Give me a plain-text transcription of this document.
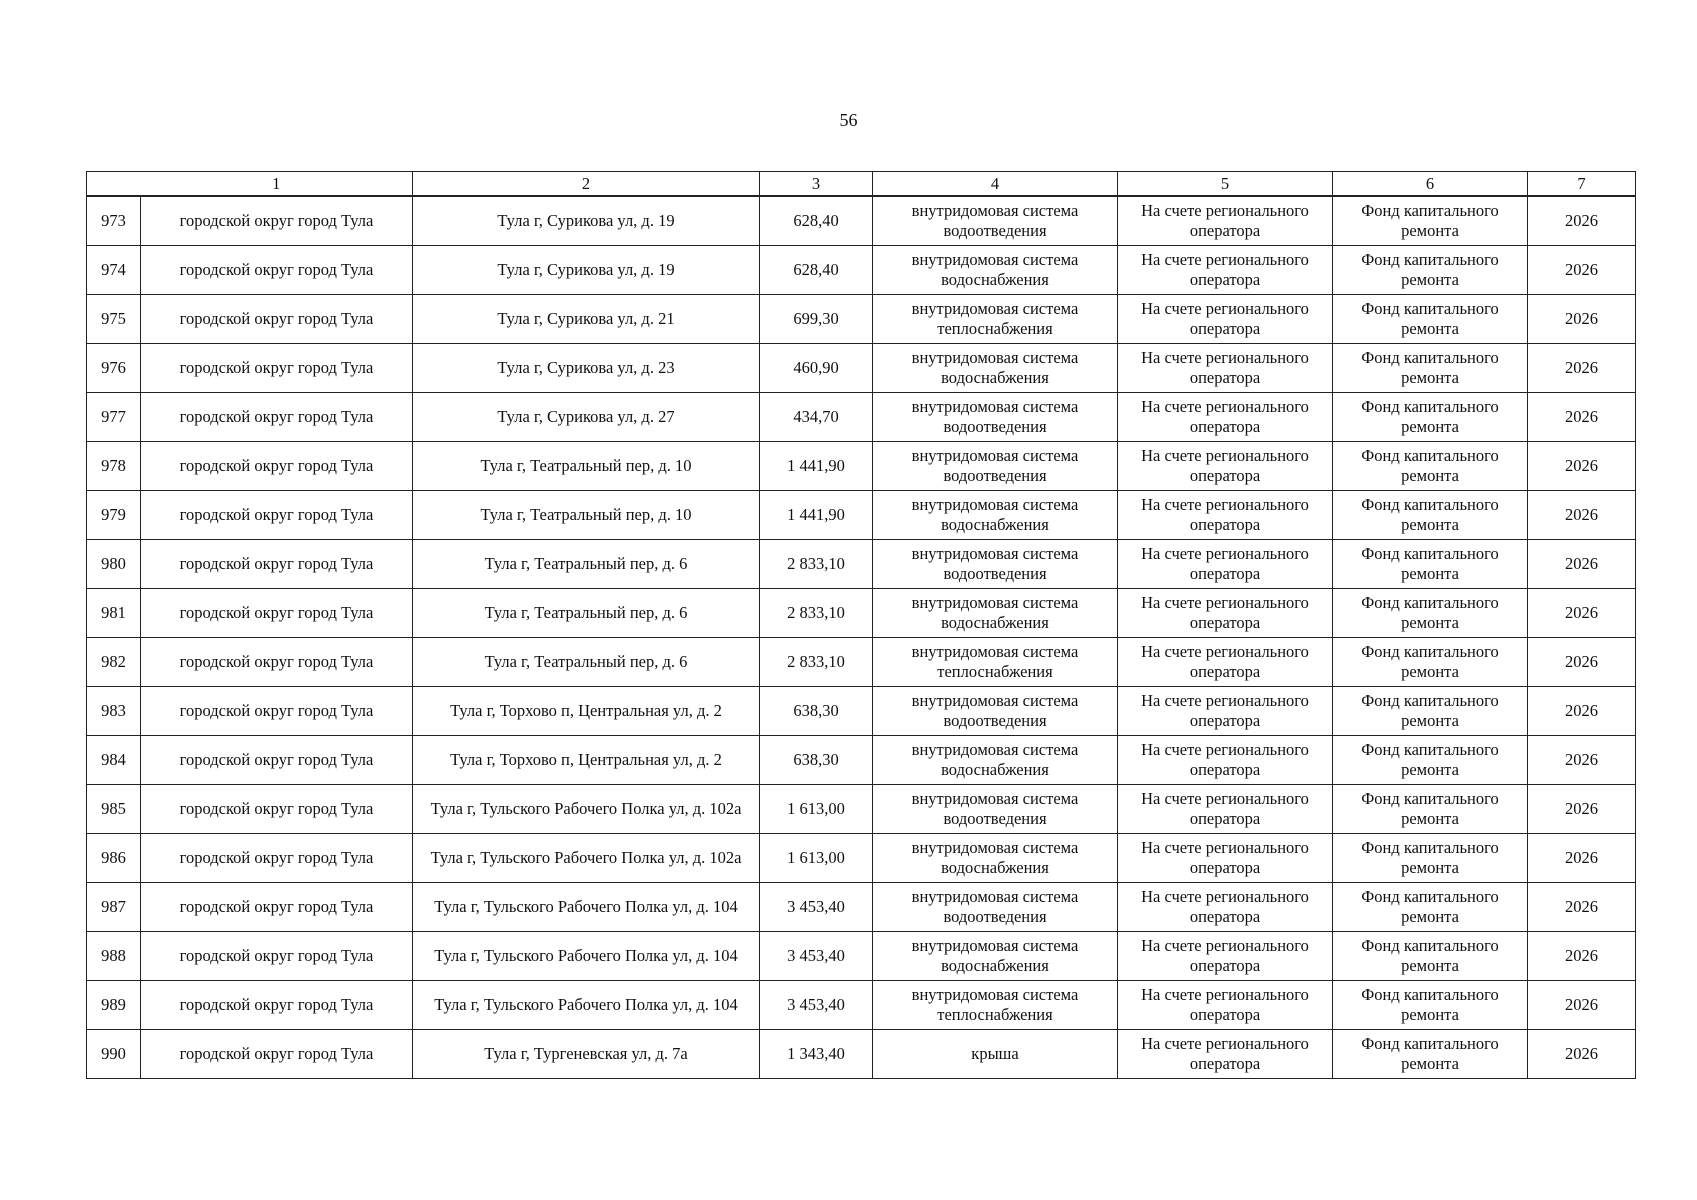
56
	1	2	3	4	5	6	7
973	городской округ город Тула	Тула г, Сурикова ул, д. 19	628,40	внутридомовая система водоотведения	На счете регионального оператора	Фонд капитального ремонта	2026
974	городской округ город Тула	Тула г, Сурикова ул, д. 19	628,40	внутридомовая система водоснабжения	На счете регионального оператора	Фонд капитального ремонта	2026
975	городской округ город Тула	Тула г, Сурикова ул, д. 21	699,30	внутридомовая система теплоснабжения	На счете регионального оператора	Фонд капитального ремонта	2026
976	городской округ город Тула	Тула г, Сурикова ул, д. 23	460,90	внутридомовая система водоснабжения	На счете регионального оператора	Фонд капитального ремонта	2026
977	городской округ город Тула	Тула г, Сурикова ул, д. 27	434,70	внутридомовая система водоотведения	На счете регионального оператора	Фонд капитального ремонта	2026
978	городской округ город Тула	Тула г, Театральный пер, д. 10	1 441,90	внутридомовая система водоотведения	На счете регионального оператора	Фонд капитального ремонта	2026
979	городской округ город Тула	Тула г, Театральный пер, д. 10	1 441,90	внутридомовая система водоснабжения	На счете регионального оператора	Фонд капитального ремонта	2026
980	городской округ город Тула	Тула г, Театральный пер, д. 6	2 833,10	внутридомовая система водоотведения	На счете регионального оператора	Фонд капитального ремонта	2026
981	городской округ город Тула	Тула г, Театральный пер, д. 6	2 833,10	внутридомовая система водоснабжения	На счете регионального оператора	Фонд капитального ремонта	2026
982	городской округ город Тула	Тула г, Театральный пер, д. 6	2 833,10	внутридомовая система теплоснабжения	На счете регионального оператора	Фонд капитального ремонта	2026
983	городской округ город Тула	Тула г, Торхово п, Центральная ул, д. 2	638,30	внутридомовая система водоотведения	На счете регионального оператора	Фонд капитального ремонта	2026
984	городской округ город Тула	Тула г, Торхово п, Центральная ул, д. 2	638,30	внутридомовая система водоснабжения	На счете регионального оператора	Фонд капитального ремонта	2026
985	городской округ город Тула	Тула г, Тульского Рабочего Полка ул, д. 102а	1 613,00	внутридомовая система водоотведения	На счете регионального оператора	Фонд капитального ремонта	2026
986	городской округ город Тула	Тула г, Тульского Рабочего Полка ул, д. 102а	1 613,00	внутридомовая система водоснабжения	На счете регионального оператора	Фонд капитального ремонта	2026
987	городской округ город Тула	Тула г, Тульского Рабочего Полка ул, д. 104	3 453,40	внутридомовая система водоотведения	На счете регионального оператора	Фонд капитального ремонта	2026
988	городской округ город Тула	Тула г, Тульского Рабочего Полка ул, д. 104	3 453,40	внутридомовая система водоснабжения	На счете регионального оператора	Фонд капитального ремонта	2026
989	городской округ город Тула	Тула г, Тульского Рабочего Полка ул, д. 104	3 453,40	внутридомовая система теплоснабжения	На счете регионального оператора	Фонд капитального ремонта	2026
990	городской округ город Тула	Тула г, Тургеневская ул, д. 7а	1 343,40	крыша	На счете регионального оператора	Фонд капитального ремонта	2026
